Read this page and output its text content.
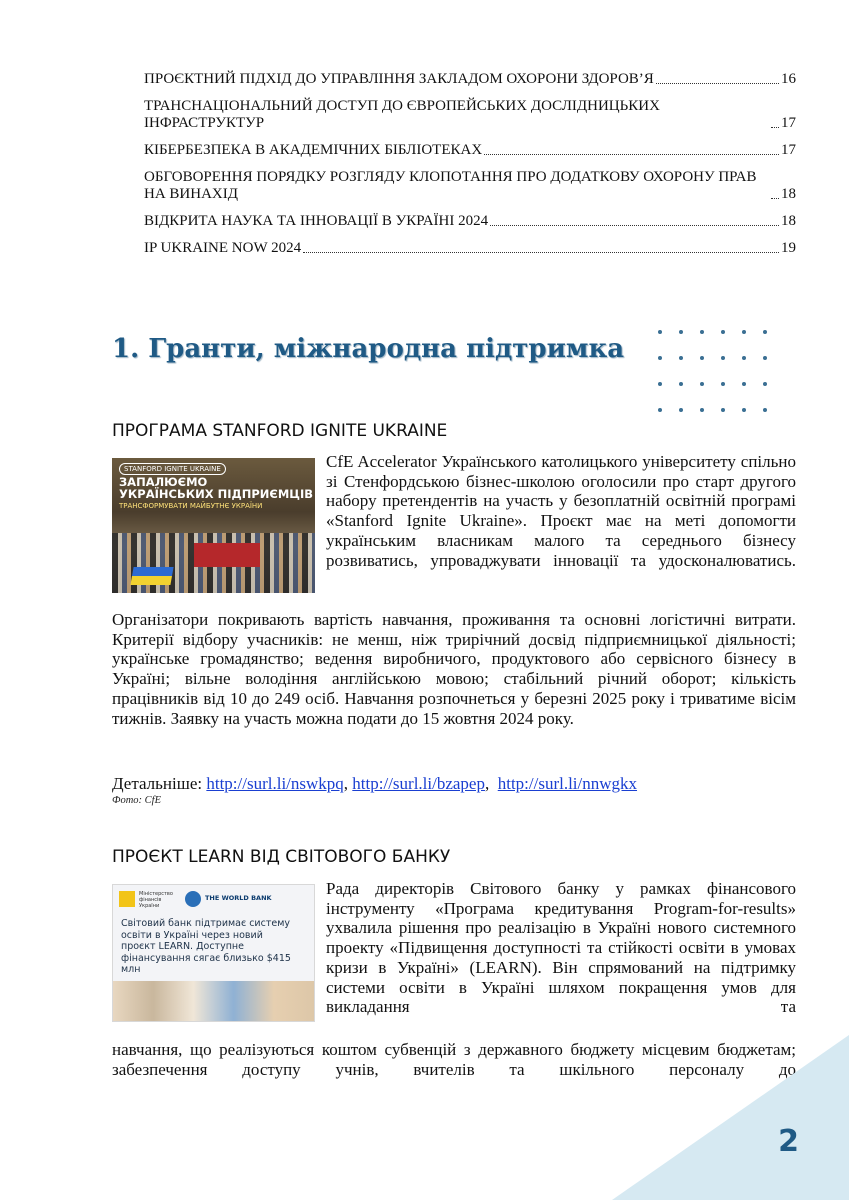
ПРОЄКТНИЙ ПІДХІД ДО УПРАВЛІННЯ ЗАКЛАДОМ ОХОРОНИ ЗДОРОВ’Я	16
ТРАНСНАЦІОНАЛЬНИЙ ДОСТУП ДО ЄВРОПЕЙСЬКИХ ДОСЛІДНИЦЬКИХ ІНФРАСТРУКТУР	17
КІБЕРБЕЗПЕКА В АКАДЕМІЧНИХ БІБЛІОТЕКАХ	17
ОБГОВОРЕННЯ ПОРЯДКУ РОЗГЛЯДУ КЛОПОТАННЯ ПРО ДОДАТКОВУ ОХОРОНУ ПРАВ НА ВИНАХІД	18
ВІДКРИТА НАУКА ТА ІННОВАЦІЇ В УКРАЇНІ 2024	18
IP UKRAINE NOW 2024	19
1. Гранти, міжнародна підтримка
ПРОГРАМА STANFORD IGNITE UKRAINE
STANFORD IGNITE UKRAINE
ЗАПАЛЮЄМО
УКРАЇНСЬКИХ ПІДПРИЄМЦІВ
ТРАНСФОРМУВАТИ МАЙБУТНЄ УКРАЇНИ

CfE Accelerator Українського католицького університету спільно зі Стенфордською бізнес-школою оголосили про старт другого набору претендентів на участь у безоплатній освітній програмі «Stanford Ignite Ukraine». Проєкт має на меті допомогти українським власникам малого та середнього бізнесу розвиватись, упроваджувати інновації та удосконалюватись.

Організатори покривають вартість навчання, проживання та основні логістичні витрати. Критерії відбору учасників: не менш, ніж трирічний досвід підприємницької діяльності; українське громадянство; ведення виробничого, продуктового або сервісного бізнесу в Україні; вільне володіння англійською мовою; стабільний річний оборот; кількість працівників від 10 до 249 осіб. Навчання розпочнеться у березні 2025 року і триватиме вісім тижнів. Заявку на участь можна подати до 15 жовтня 2024 року.

Детальніше: http://surl.li/nswkpq, http://surl.li/bzapep,  http://surl.li/nnwgkx
Фото: CfE
ПРОЄКТ LEARN ВІД СВІТОВОГО БАНКУ
Міністерство фінансів України
THE WORLD BANK
Світовий банк підтримає систему освіти в Україні через новий проєкт LEARN. Доступне фінансування сягає близько $415 млн

Рада директорів Світового банку у рамках фінансового інструменту «Програма кредитування Program-for-results» ухвалила рішення про реалізацію в Україні нового системного проекту «Підвищення доступності та стійкості освіти в умовах кризи в Україні» (LEARN). Він спрямований на підтримку системи освіти в Україні шляхом покращення умов для викладання та

навчання, що реалізуються коштом субвенцій з державного бюджету місцевим бюджетам; забезпечення доступу учнів, вчителів та шкільного персоналу до

2
